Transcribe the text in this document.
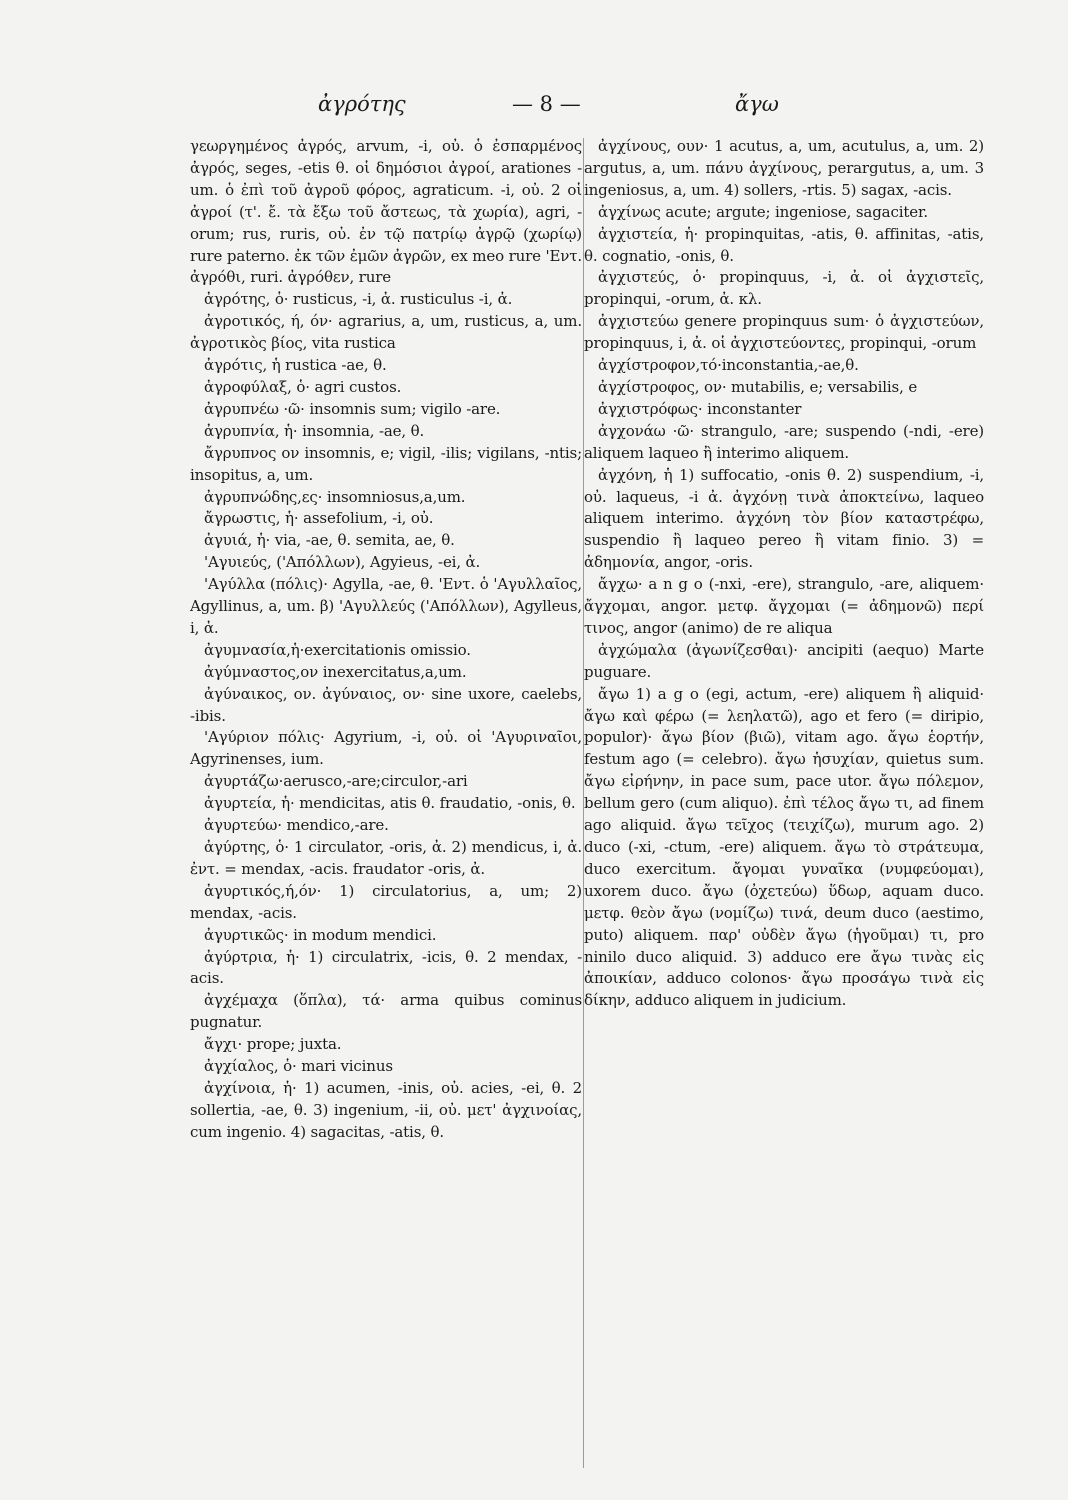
ἀγρότης	— 8 —	ἄγω

γεωργημένος ἀγρός, arvum, -i, οὐ. ὁ ἐσπαρμένος ἀγρός, seges, -etis θ. οἱ δημόσιοι ἀγροί, arationes -um. ὁ ἐπὶ τοῦ ἀγροῦ φόρος, agraticum. -i, οὐ. 2 οἱ ἀγροί (τ'. ἔ. τὰ ἔξω τοῦ ἄστεως, τὰ χωρία), agri, -orum; rus, ruris, οὐ. ἐν τῷ πατρίῳ ἀγρῷ (χωρίῳ) rure paterno. ἐκ τῶν ἐμῶν ἀγρῶν, ex meo rure 'Εντ. ἀγρόθι, ruri. ἀγρόθεν, rure

ἀγρότης, ὁ· rusticus, -i, ἀ. rusticulus -i, ἀ.

ἀγροτικός, ή, όν· agrarius, a, um, rusticus, a, um. ἀγροτικὸς βίος, vita rustica

ἀγρότις, ἡ rustica -ae, θ.

ἀγροφύλαξ, ὁ· agri custos.

ἀγρυπνέω ·ῶ· insomnis sum; vigilo -are.

ἀγρυπνία, ἡ· insomnia, -ae, θ.

ἄγρυπνος ον insomnis, e; vigil, -ilis; vigilans, -ntis; insopitus, a, um.

ἀγρυπνώδης,ες· insomniosus,a,um.

ἄγρωστις, ἡ· assefolium, -i, οὐ.

ἀγυιά, ἡ· via, -ae, θ. semita, ae, θ.

'Αγυιεύς, ('Απόλλων), Agyieus, -ei, ἀ.

'Αγύλλα (πόλις)· Agylla, -ae, θ. 'Εντ. ὁ 'Αγυλλαῖος, Agyllinus, a, um. β) 'Αγυλλεύς ('Απόλλων), Agylleus, i, ἀ.

ἀγυμνασία,ἡ·exercitationis omissio.

ἀγύμναστος,ον inexercitatus,a,um.

ἀγύναικος, ον. ἀγύναιος, ον· sine uxore, caelebs, -ibis.

'Αγύριον πόλις· Agyrium, -i, οὐ. οἱ 'Αγυριναῖοι, Agyrinenses, ium.

ἀγυρτάζω·aerusco,-are;circulor,-ari

ἀγυρτεία, ἡ· mendicitas, atis θ. fraudatio, -onis, θ.

ἀγυρτεύω· mendico,-are.

ἀγύρτης, ὁ· 1 circulator, -oris, ἀ. 2) mendicus, i, ἀ. ἐντ. = mendax, -acis. fraudator -oris, ἀ.

ἀγυρτικός,ή,όν· 1) circulatorius, a, um; 2) mendax, -acis.

ἀγυρτικῶς· in modum mendici.

ἀγύρτρια, ἡ· 1) circulatrix, -icis, θ. 2 mendax, -acis.

ἀγχέμαχα (ὅπλα), τά· arma quibus cominus pugnatur.

ἄγχι· prope; juxta.

ἀγχίαλος, ὁ· mari vicinus

ἀγχίνοια, ἡ· 1) acumen, -inis, οὐ. acies, -ei, θ. 2 sollertia, -ae, θ. 3) ingenium, -ii, οὐ. μετ' ἀγχινοίας, cum ingenio. 4) sagacitas, -atis, θ.

ἀγχίνους, ουν· 1 acutus, a, um, acutulus, a, um. 2) argutus, a, um. πάνυ ἀγχίνους, perargutus, a, um. 3 ingeniosus, a, um. 4) sollers, -rtis. 5) sagax, -acis.

ἀγχίνως acute; argute; ingeniose, sagaciter.

ἀγχιστεία, ἡ· propinquitas, -atis, θ. affinitas, -atis, θ. cognatio, -onis, θ.

ἀγχιστεύς, ὁ· propinquus, -i, ἀ. οἱ ἀγχιστεῖς, propinqui, -orum, ἀ. κλ.

ἀγχιστεύω genere propinquus sum· ὁ ἀγχιστεύων, propinquus, i, ἀ. οἱ ἀγχιστεύοντες, propinqui, -orum

ἀγχίστροφον,τό·inconstantia,-ae,θ.

ἀγχίστροφος, ον· mutabilis, e; versabilis, e

ἀγχιστρόφως· inconstanter

ἀγχονάω ·ῶ· strangulo, -are; suspendo (-ndi, -ere) aliquem laqueo ἢ interimo aliquem.

ἀγχόνη, ἡ 1) suffocatio, -onis θ. 2) suspendium, -i, οὐ. laqueus, -i ἀ. ἀγχόνῃ τινὰ ἀποκτείνω, laqueo aliquem interimo. ἀγχόνη τὸν βίον καταστρέφω, suspendio ἢ laqueo pereo ἢ vitam finio. 3) = ἀδημονία, angor, -oris.

ἄγχω· a n g o (-nxi, -ere), strangulo, -are, aliquem· ἄγχομαι, angor. μετφ. ἄγχομαι (= ἀδημονῶ) περί τινος, angor (animo) de re aliqua

ἀγχώμαλα (ἀγωνίζεσθαι)· ancipiti (aequo) Marte puguare.

ἄγω 1) a g o (egi, actum, -ere) aliquem ἢ aliquid· ἄγω καὶ φέρω (= λεηλατῶ), ago et fero (= diripio, populor)· ἄγω βίον (βιῶ), vitam ago. ἄγω ἑορτήν, festum ago (= celebro). ἄγω ἡσυχίαν, quietus sum. ἄγω εἰρήνην, in pace sum, pace utor. ἄγω πόλεμον, bellum gero (cum aliquo). ἐπὶ τέλος ἄγω τι, ad finem ago aliquid. ἄγω τεῖχος (τειχίζω), murum ago. 2) duco (-xi, -ctum, -ere) aliquem. ἄγω τὸ στράτευμα, duco exercitum. ἄγομαι γυναῖκα (νυμφεύομαι), uxorem duco. ἄγω (ὀχετεύω) ὕδωρ, aquam duco. μετφ. θεὸν ἄγω (νομίζω) τινά, deum duco (aestimo, puto) aliquem. παρ' οὐδὲν ἄγω (ἡγοῦμαι) τι, pro ninilo duco aliquid. 3) adduco ere ἄγω τινὰς εἰς ἀποικίαν, adduco colonos· ἄγω προσάγω τινὰ εἰς δίκην, adduco aliquem in judicium.
